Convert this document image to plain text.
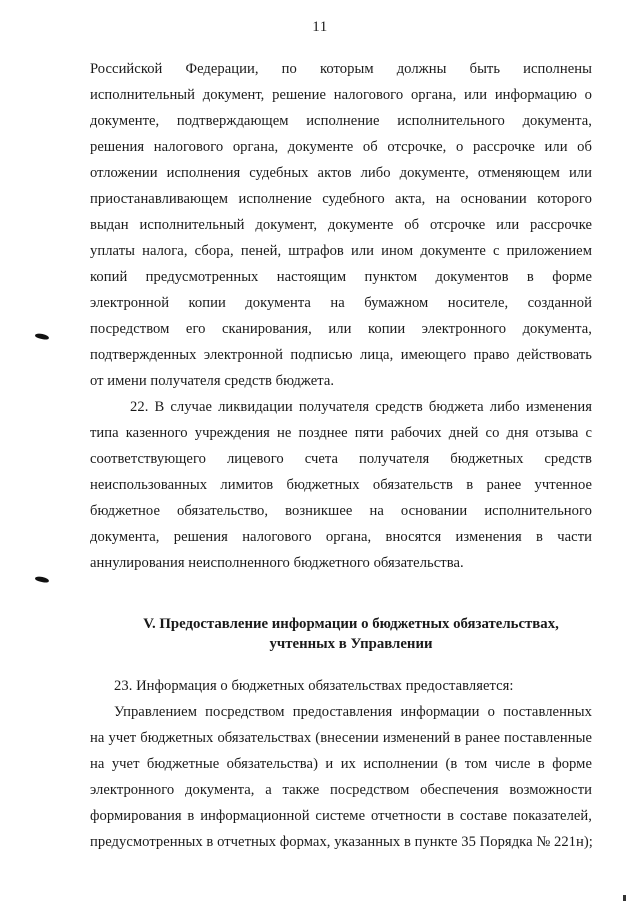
11
Российской Федерации, по которым должны быть исполнены
исполнительный документ, решение налогового органа, или информацию о
документе, подтверждающем исполнение исполнительного документа,
решения налогового органа, документе об отсрочке, о рассрочке или об
отложении исполнения судебных актов либо документе, отменяющем или
приостанавливающем исполнение судебного акта, на основании которого
выдан исполнительный документ, документе об отсрочке или рассрочке
уплаты налога, сбора, пеней, штрафов или ином документе с приложением
копий предусмотренных настоящим пунктом документов в форме
электронной копии документа на бумажном носителе, созданной
посредством его сканирования, или копии электронного документа,
подтвержденных электронной подписью лица, имеющего право действовать
от имени получателя средств бюджета.
22. В случае ликвидации получателя средств бюджета либо изменения
типа казенного учреждения не позднее пяти рабочих дней со дня отзыва с
соответствующего лицевого счета получателя бюджетных средств
неиспользованных лимитов бюджетных обязательств в ранее учтенное
бюджетное обязательство, возникшее на основании исполнительного
документа, решения налогового органа, вносятся изменения в части
аннулирования неисполненного бюджетного обязательства.
V. Предоставление информации о бюджетных обязательствах,
учтенных в Управлении
23. Информация о бюджетных обязательствах предоставляется:
Управлением посредством предоставления информации о поставленных
на учет бюджетных обязательствах (внесении изменений в ранее поставленные
на учет бюджетные обязательства) и их исполнении (в том числе в форме
электронного документа, а также посредством обеспечения возможности
формирования в информационной системе отчетности в составе показателей,
предусмотренных в отчетных формах, указанных в пункте 35 Порядка № 221н);
